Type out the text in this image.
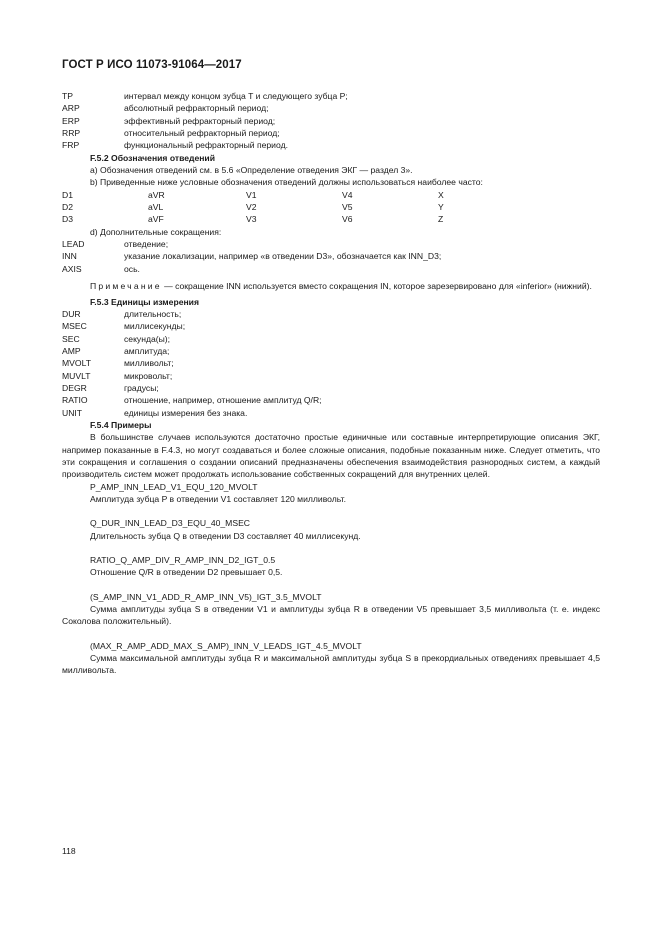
ГОСТ Р ИСО 11073-91064—2017
TP	интервал между концом зубца T и следующего зубца P;
ARP	абсолютный рефракторный период;
ERP	эффективный рефракторный период;
RRP	относительный рефракторный период;
FRP	функциональный рефракторный период.
F.5.2 Обозначения отведений
a) Обозначения отведений см. в 5.6 «Определение отведения ЭКГ — раздел 3».
b) Приведенные ниже условные обозначения отведений должны использоваться наиболее часто:
D1	aVR	V1	V4	X
D2	aVL	V2	V5	Y
D3	aVF	V3	V6	Z
d) Дополнительные сокращения:
LEAD	отведение;
INN	указание локализации, например «в отведении D3», обозначается как INN_D3;
AXIS	ось.
Примечание — сокращение INN используется вместо сокращения IN, которое зарезервировано для «inferior» (нижний).
F.5.3 Единицы измерения
DUR	длительность;
MSEC	миллисекунды;
SEC	секунда(ы);
AMP	амплитуда;
MVOLT	милливольт;
MUVLT	микровольт;
DEGR	градусы;
RATIO	отношение, например, отношение амплитуд Q/R;
UNIT	единицы измерения без знака.
F.5.4 Примеры
В большинстве случаев используются достаточно простые единичные или составные интерпретирующие описания ЭКГ, например показанные в F.4.3, но могут создаваться и более сложные описания, подобные показанным ниже. Следует отметить, что эти сокращения и соглашения о создании описаний предназначены обеспечения взаимодействия разнородных систем, а каждый производитель систем может продолжать использование собственных сокращений для внутренних целей.
P_AMP_INN_LEAD_V1_EQU_120_MVOLT
Амплитуда зубца P в отведении V1 составляет 120 милливольт.
Q_DUR_INN_LEAD_D3_EQU_40_MSEC
Длительность зубца Q в отведении D3 составляет 40 миллисекунд.
RATIO_Q_AMP_DIV_R_AMP_INN_D2_IGT_0.5
Отношение Q/R в отведении D2 превышает 0,5.
(S_AMP_INN_V1_ADD_R_AMP_INN_V5)_IGT_3.5_MVOLT
Сумма амплитуды зубца S в отведении V1 и амплитуды зубца R в отведении V5 превышает 3,5 милливольта (т. е. индекс Соколова положительный).
(MAX_R_AMP_ADD_MAX_S_AMP)_INN_V_LEADS_IGT_4.5_MVOLT
Сумма максимальной амплитуды зубца R и максимальной амплитуды зубца S в прекордиальных отведениях превышает 4,5 милливольта.
118
